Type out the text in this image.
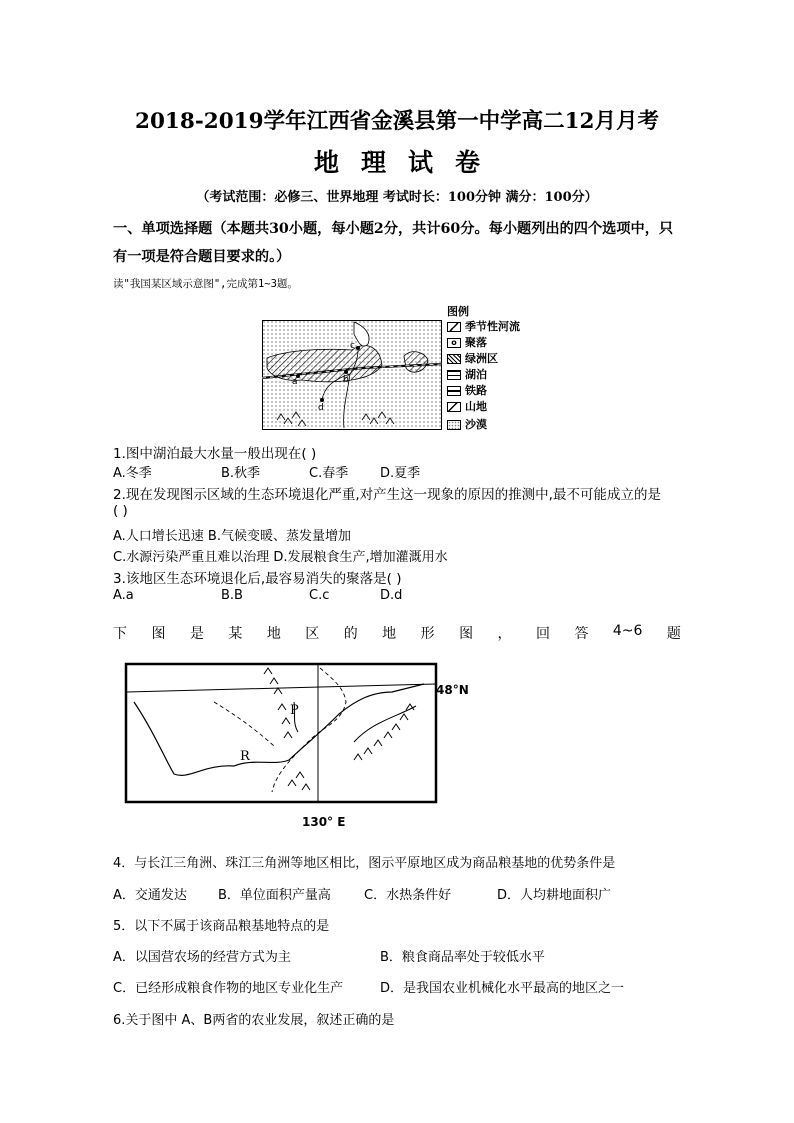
2018-2019学年江西省金溪县第一中学高二12月月考
地理试卷
（考试范围：必修三、世界地理 考试时长：100分钟 满分：100分）
一、单项选择题（本题共30小题，每小题2分，共计60分。每小题列出的四个选项中，只
有一项是符合题目要求的。）
读"我国某区域示意图",完成第1~3题。
a	b
c
d
图例
季节性河流
o 聚落
绿洲区
湖泊
铁路
山地
沙漠
1.图中湖泊最大水量一般出现在( )
A.冬季	B.秋季	C.春季 D.夏季
2.现在发现图示区域的生态环境退化严重,对产生这一现象的原因的推测中,最不可能成立的是
( )
A.人口增长迅速 B.气候变暖、蒸发量增加
C.水源污染严重且难以治理 D.发展粮食生产,增加灌溉用水
3.该地区生态环境退化后,最容易消失的聚落是( )
A.a	B.B	C.c	D.d
下 图 是 某 地 区 的 地 形 图 ， 回 答 4~6 题
P
R
48°N
130° E
4．与长江三角洲、珠江三角洲等地区相比，图示平原地区成为商品粮基地的优势条件是
A．交通发达 B．单位面积产量高	C．水热条件好	D．人均耕地面积广
5．以下不属于该商品粮基地特点的是
A．以国营农场的经营方式为主	B．粮食商品率处于较低水平
C．已经形成粮食作物的地区专业化生产	D．是我国农业机械化水平最高的地区之一
6.关于图中 A、B两省的农业发展，叙述正确的是
